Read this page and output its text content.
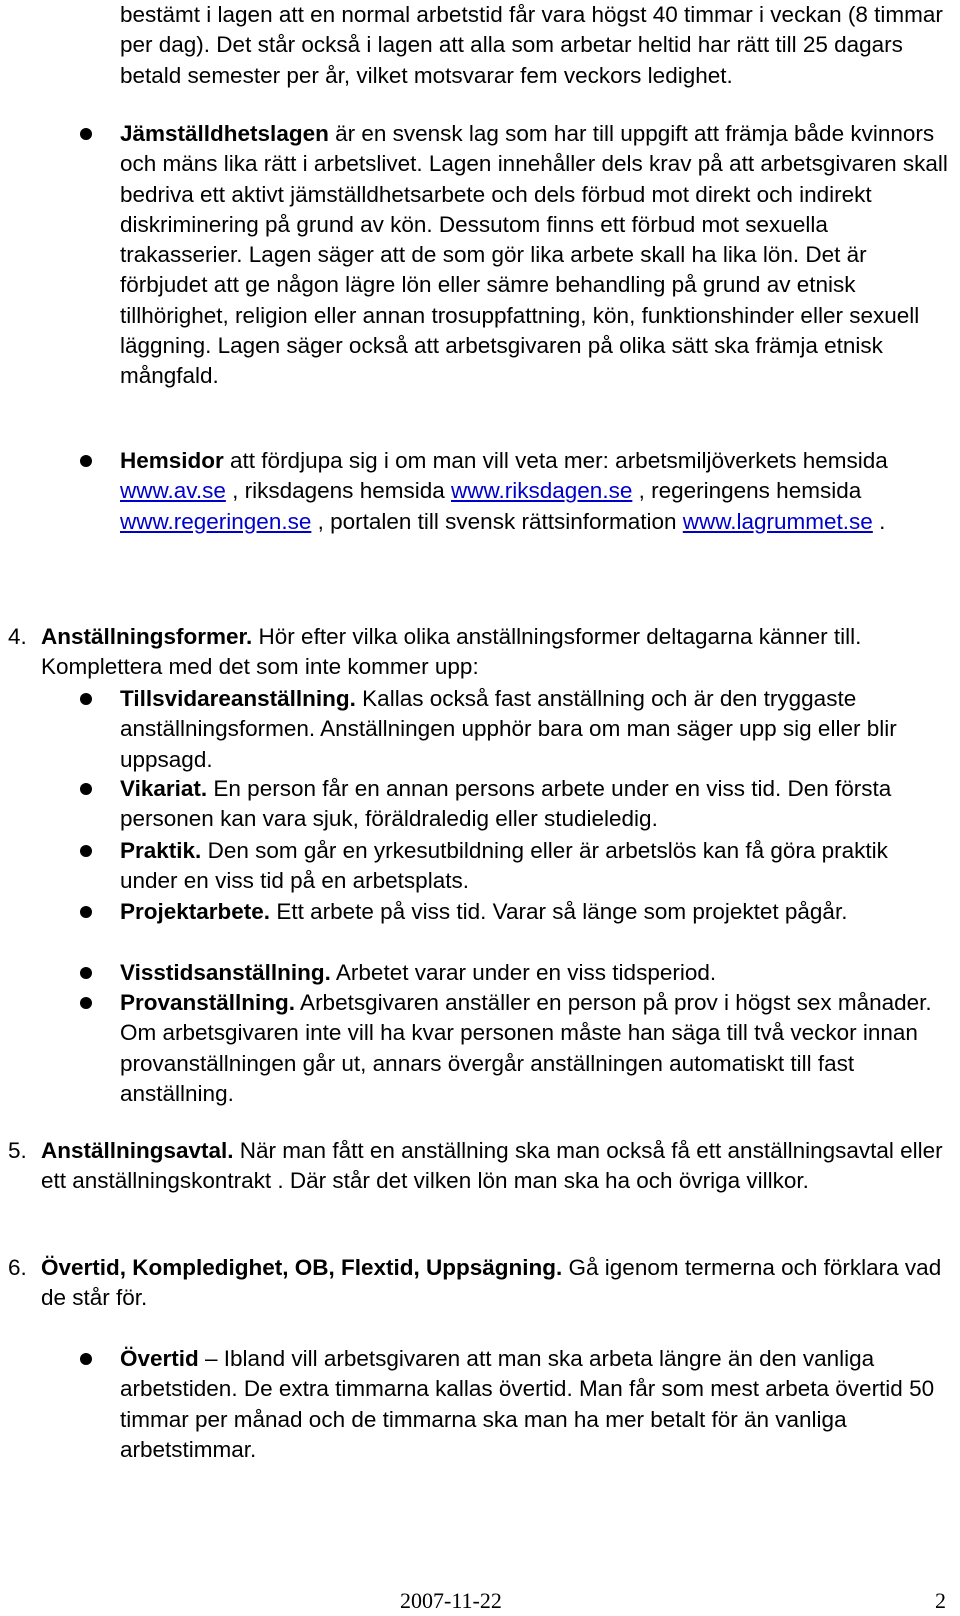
bestämt i lagen att en normal arbetstid får vara högst 40 timmar i veckan (8 timmar per dag). Det står också i lagen att alla som arbetar heltid har rätt till 25 dagars betald semester per år, vilket motsvarar fem veckors ledighet.

Jämställdhetslagen är en svensk lag som har till uppgift att främja både kvinnors och mäns lika rätt i arbetslivet. Lagen innehåller dels krav på att arbetsgivaren skall bedriva ett aktivt jämställdhetsarbete och dels förbud mot direkt och indirekt diskriminering på grund av kön. Dessutom finns ett förbud mot sexuella trakasserier. Lagen säger att de som gör lika arbete skall ha lika lön. Det är förbjudet att ge någon lägre lön eller sämre behandling på grund av etnisk tillhörighet, religion eller annan trosuppfattning, kön, funktionshinder eller sexuell läggning. Lagen säger också att arbetsgivaren på olika sätt ska främja etnisk mångfald.

Hemsidor att fördjupa sig i om man vill veta mer: arbetsmiljöverkets hemsida www.av.se , riksdagens hemsida www.riksdagen.se , regeringens hemsida www.regeringen.se , portalen till svensk rättsinformation www.lagrummet.se .

4. Anställningsformer. Hör efter vilka olika anställningsformer deltagarna känner till. Komplettera med det som inte kommer upp:

Tillsvidareanställning. Kallas också fast anställning och är den tryggaste anställningsformen. Anställningen upphör bara om man säger upp sig eller blir uppsagd.

Vikariat. En person får en annan persons arbete under en viss tid. Den första personen kan vara sjuk, föräldraledig eller studieledig.

Praktik. Den som går en yrkesutbildning eller är arbetslös kan få göra praktik under en viss tid på en arbetsplats.

Projektarbete. Ett arbete på viss tid. Varar så länge som projektet pågår.

Visstidsanställning. Arbetet varar under en viss tidsperiod.

Provanställning. Arbetsgivaren anställer en person på prov i högst sex månader. Om arbetsgivaren inte vill ha kvar personen måste han säga till två veckor innan provanställningen går ut, annars övergår anställningen automatiskt till fast anställning.

5. Anställningsavtal. När man fått en anställning ska man också få ett anställningsavtal eller ett anställningskontrakt . Där står det vilken lön man ska ha och övriga villkor.

6. Övertid, Kompledighet, OB, Flextid, Uppsägning. Gå igenom termerna och förklara vad de står för.

Övertid – Ibland vill arbetsgivaren att man ska arbeta längre än den vanliga arbetstiden. De extra timmarna kallas övertid. Man får som mest arbeta övertid 50 timmar per månad och de timmarna ska man ha mer betalt för än vanliga arbetstimmar.

2007-11-22	2
